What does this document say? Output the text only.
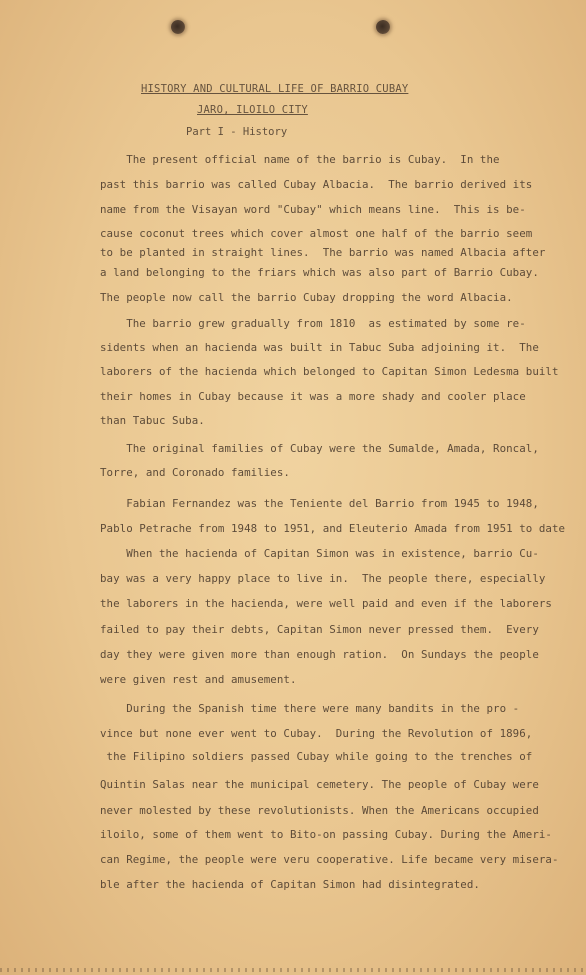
HISTORY AND CULTURAL LIFE OF BARRIO CUBAY
JARO, ILOILO CITY
Part I - History
The present official name of the barrio is Cubay.  In the
past this barrio was called Cubay Albacia.  The barrio derived its
name from the Visayan word "Cubay" which means line.  This is be-
cause coconut trees which cover almost one half of the barrio seem
to be planted in straight lines.  The barrio was named Albacia after
a land belonging to the friars which was also part of Barrio Cubay.
The people now call the barrio Cubay dropping the word Albacia.
The barrio grew gradually from 1810  as estimated by some re-
sidents when an hacienda was built in Tabuc Suba adjoining it.  The
laborers of the hacienda which belonged to Capitan Simon Ledesma built
their homes in Cubay because it was a more shady and cooler place
than Tabuc Suba.
The original families of Cubay were the Sumalde, Amada, Roncal,
Torre, and Coronado families.
Fabian Fernandez was the Teniente del Barrio from 1945 to 1948,
Pablo Petrache from 1948 to 1951, and Eleuterio Amada from 1951 to date
When the hacienda of Capitan Simon was in existence, barrio Cu-
bay was a very happy place to live in.  The people there, especially
the laborers in the hacienda, were well paid and even if the laborers
failed to pay their debts, Capitan Simon never pressed them.  Every
day they were given more than enough ration.  On Sundays the people
were given rest and amusement.
During the Spanish time there were many bandits in the pro -
vince but none ever went to Cubay.  During the Revolution of 1896,
the Filipino soldiers passed Cubay while going to the trenches of
Quintin Salas near the municipal cemetery. The people of Cubay were
never molested by these revolutionists. When the Americans occupied
iloilo, some of them went to Bito-on passing Cubay. During the Ameri-
can Regime, the people were veru cooperative. Life became very misera-
ble after the hacienda of Capitan Simon had disintegrated.
